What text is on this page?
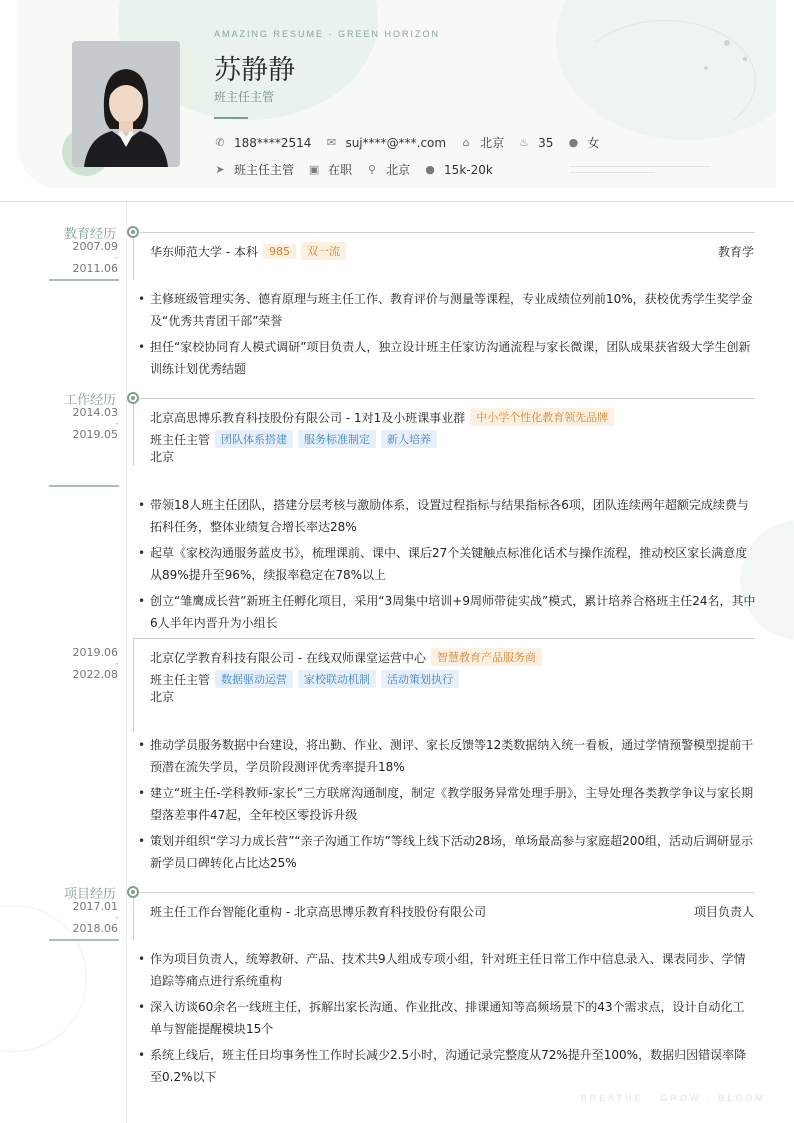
AMAZING RESUME · GREEN HORIZON
苏静静
班主任主管
✆ 188****2514 ✉ suj****@***.com ⌂ 北京 ♨ 35 ● 女
➤ 班主任主管 ▣ 在职 ⚲ 北京 ● 15k-20k
教育经历
2007.09
-
2011.06
华东师范大学 - 本科	985	双一流	教育学
• 主修班级管理实务、德育原理与班主任工作、教育评价与测量等课程，专业成绩位列前10%，获校优秀学生奖学金及“优秀共青团干部”荣誉
• 担任“家校协同育人模式调研”项目负责人，独立设计班主任家访沟通流程与家长微课，团队成果获省级大学生创新训练计划优秀结题
工作经历
2014.03
-
2019.05
北京高思博乐教育科技股份有限公司 - 1对1及小班课事业群	中小学个性化教育领先品牌
班主任主管	团队体系搭建	服务标准制定	新人培养
北京
• 带领18人班主任团队，搭建分层考核与激励体系，设置过程指标与结果指标各6项，团队连续两年超额完成续费与拓科任务，整体业绩复合增长率达28%
• 起草《家校沟通服务蓝皮书》，梳理课前、课中、课后27个关键触点标准化话术与操作流程，推动校区家长满意度从89%提升至96%，续报率稳定在78%以上
• 创立“雏鹰成长营”新班主任孵化项目，采用“3周集中培训+9周师带徒实战”模式，累计培养合格班主任24名，其中6人半年内晋升为小组长
2019.06
-
2022.08
北京亿学教育科技有限公司 - 在线双师课堂运营中心	智慧教育产品服务商
班主任主管	数据驱动运营	家校联动机制	活动策划执行
北京
• 推动学员服务数据中台建设，将出勤、作业、测评、家长反馈等12类数据纳入统一看板，通过学情预警模型提前干预潜在流失学员，学员阶段测评优秀率提升18%
• 建立“班主任-学科教师-家长”三方联席沟通制度，制定《教学服务异常处理手册》，主导处理各类教学争议与家长期望落差事件47起，全年校区零投诉升级
• 策划并组织“学习力成长营”“亲子沟通工作坊”等线上线下活动28场，单场最高参与家庭超200组，活动后调研显示新学员口碑转化占比达25%
项目经历
2017.01
-
2018.06
班主任工作台智能化重构 - 北京高思博乐教育科技股份有限公司	项目负责人
• 作为项目负责人，统筹教研、产品、技术共9人组成专项小组，针对班主任日常工作中信息录入、课表同步、学情追踪等痛点进行系统重构
• 深入访谈60余名一线班主任，拆解出家长沟通、作业批改、排课通知等高频场景下的43个需求点，设计自动化工单与智能提醒模块15个
• 系统上线后，班主任日均事务性工作时长减少2.5小时，沟通记录完整度从72%提升至100%，数据归因错误率降至0.2%以下
BREATHE · GROW · BLOOM
